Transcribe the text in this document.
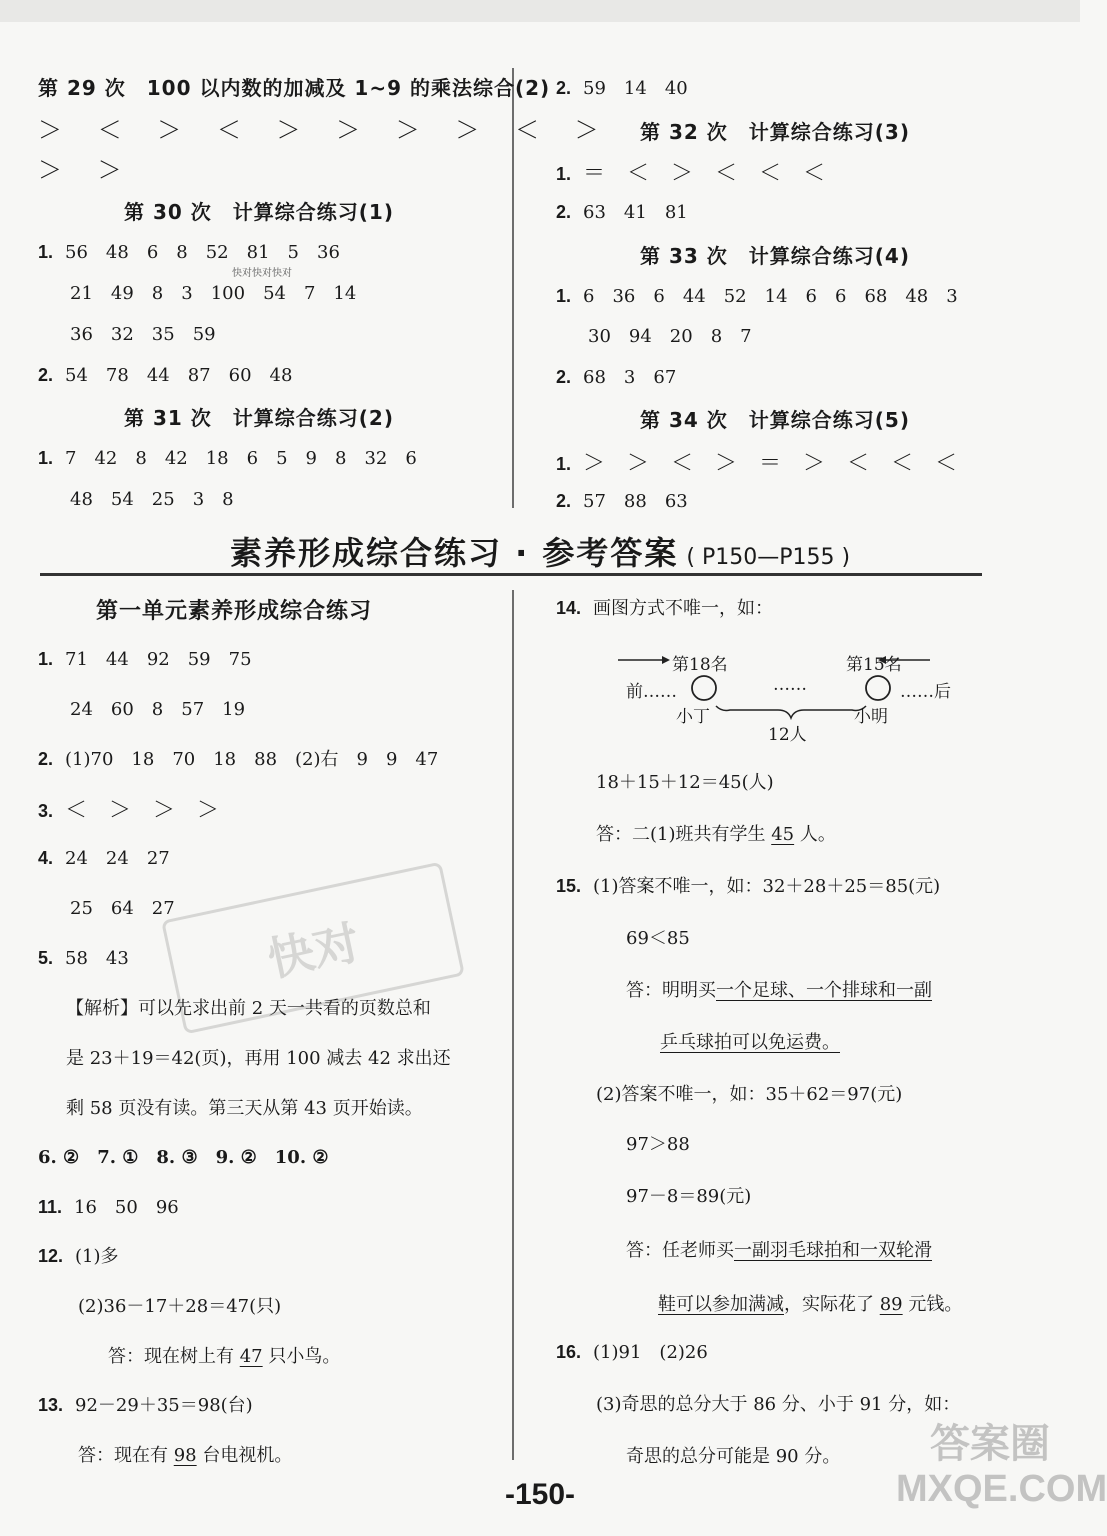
第 29 次　100 以内数的加减及 1~9 的乘法综合(2)
＞ ＜ ＞ ＜ ＞ ＞ ＞ ＞ ＜ ＞
＞ ＞
第 30 次　计算综合练习(1)
1. 56　48　6　8　52　81　5　36
21　49　8　3　100　54　7　14
36　32　35　59
2. 54　78　44　87　60　48
第 31 次　计算综合练习(2)
1. 7　42　8　42　18　6　5　9　8　32　6
48　54　25　3　8
2. 59　14　40
第 32 次　计算综合练习(3)
1. ＝　＜　＞　＜　＜　＜
2. 63　41　81
第 33 次　计算综合练习(4)
1. 6　36　6　44　52　14　6　6　68　48　3
30　94　20　8　7
2. 68　3　67
第 34 次　计算综合练习(5)
1. ＞　＞　＜　＞　＝　＞　＜　＜　＜
2. 57　88　63
素养形成综合练习 · 参考答案 ( P150—P155 )
第一单元素养形成综合练习
1. 71　44　92　59　75
24　60　8　57　19
2. (1)70　18　70　18　88　(2)右　9　9　47
3. ＜　＞　＞　＞
4. 24　24　27
25　64　27
5. 58　43
【解析】可以先求出前 2 天一共看的页数总和
是 23＋19＝42(页)，再用 100 减去 42 求出还
剩 58 页没有读。第三天从第 43 页开始读。
6. ②　7. ①　8. ③　9. ②　10. ②
11. 16　50　96
12. (1)多
(2)36－17＋28＝47(只)
答：现在树上有 47 只小鸟。
13. 92－29＋35＝98(台)
答：现在有 98 台电视机。
14. 画图方式不唯一，如：
第18名	第15名
前……	……	……后
小丁	小明
12人
18＋15＋12＝45(人)
答：二(1)班共有学生 45 人。
15. (1)答案不唯一，如：32＋28＋25＝85(元)
69＜85
答：明明买一个足球、一个排球和一副
乒乓球拍可以免运费。
(2)答案不唯一，如：35＋62＝97(元)
97＞88
97－8＝89(元)
答：任老师买一副羽毛球拍和一双轮滑
鞋可以参加满减，实际花了 89 元钱。
16. (1)91　(2)26
(3)奇思的总分大于 86 分、小于 91 分，如：
奇思的总分可能是 90 分。
-150-
快对
快对快对快对
答案圈
MXQE.COM
